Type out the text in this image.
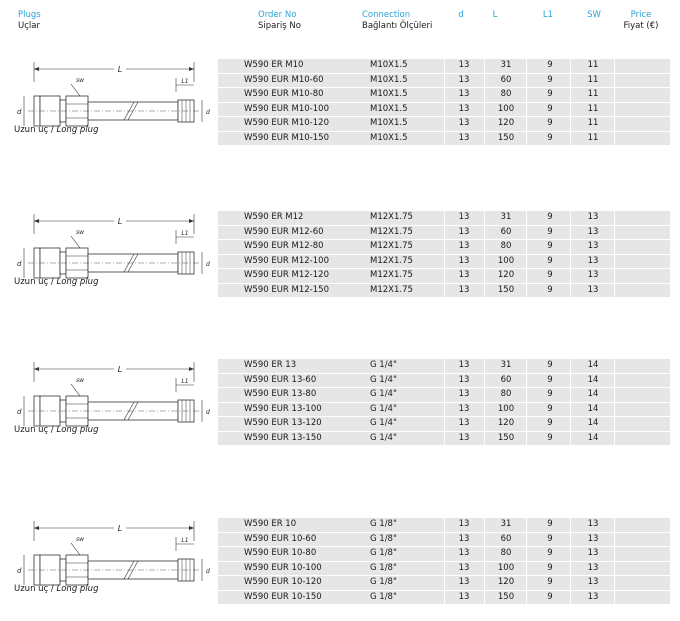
Plugs
Uçlar
Order No
Sipariş No
Connection
Bağlantı Ölçüleri
d	L	L1	SW	Price
Fiyat (€)
L
L1
sw
d	d
Uzun uç / Long plug
W590 ER M10	M10X1.5	13	31	9	11
W590 EUR M10-60	M10X1.5	13	60	9	11
W590 EUR M10-80	M10X1.5	13	80	9	11
W590 EUR M10-100	M10X1.5	13	100	9	11
W590 EUR M10-120	M10X1.5	13	120	9	11
W590 EUR M10-150	M10X1.5	13	150	9	11
L
L1
sw
d	d
Uzun uç / Long plug
W590 ER M12	M12X1.75	13	31	9	13
W590 EUR M12-60	M12X1.75	13	60	9	13
W590 EUR M12-80	M12X1.75	13	80	9	13
W590 EUR M12-100	M12X1.75	13	100	9	13
W590 EUR M12-120	M12X1.75	13	120	9	13
W590 EUR M12-150	M12X1.75	13	150	9	13
L
L1
sw
d	d
Uzun uç / Long plug
W590 ER 13	G 1/4"	13	31	9	14
W590 EUR 13-60	G 1/4"	13	60	9	14
W590 EUR 13-80	G 1/4"	13	80	9	14
W590 EUR 13-100	G 1/4"	13	100	9	14
W590 EUR 13-120	G 1/4"	13	120	9	14
W590 EUR 13-150	G 1/4"	13	150	9	14
L
L1
sw
d	d
Uzun uç / Long plug
W590 ER 10	G 1/8"	13	31	9	13
W590 EUR 10-60	G 1/8"	13	60	9	13
W590 EUR 10-80	G 1/8"	13	80	9	13
W590 EUR 10-100	G 1/8"	13	100	9	13
W590 EUR 10-120	G 1/8"	13	120	9	13
W590 EUR 10-150	G 1/8"	13	150	9	13
